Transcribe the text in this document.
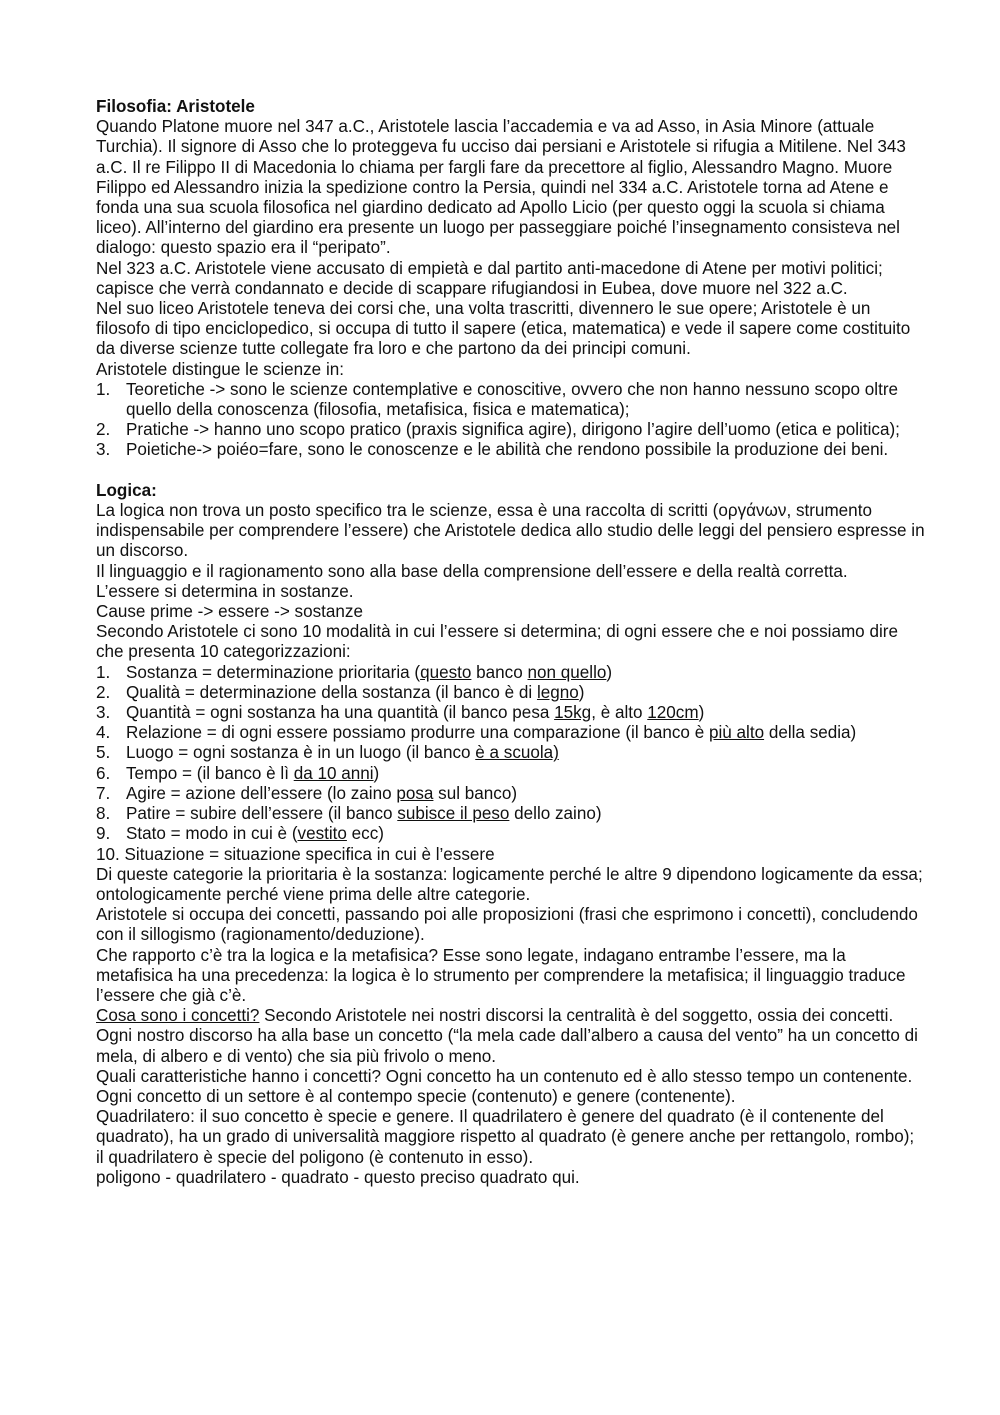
Filosofia: Aristotele

Quando Platone muore nel 347 a.C., Aristotele lascia l’accademia e va ad Asso, in Asia Minore (attuale Turchia). Il signore di Asso che lo proteggeva fu ucciso dai persiani e Aristotele si rifugia a Mitilene. Nel 343 a.C. Il re Filippo II di Macedonia lo chiama per fargli fare da precettore al figlio, Alessandro Magno. Muore Filippo ed Alessandro inizia la spedizione contro la Persia, quindi nel 334 a.C. Aristotele torna ad Atene e fonda una sua scuola filosofica nel giardino dedicato ad Apollo Licio (per questo oggi la scuola si chiama liceo). All’interno del giardino era presente un luogo per passeggiare poiché l’insegnamento consisteva nel dialogo: questo spazio era il “peripato”.

Nel 323 a.C. Aristotele viene accusato di empietà e dal partito anti-macedone di Atene per motivi politici; capisce che verrà condannato e decide di scappare rifugiandosi in Eubea, dove muore nel 322 a.C.

Nel suo liceo Aristotele teneva dei corsi che, una volta trascritti, divennero le sue opere; Aristotele è un filosofo di tipo enciclopedico, si occupa di tutto il sapere (etica, matematica) e vede il sapere come costituito da diverse scienze tutte collegate fra loro e che partono da dei principi comuni.

Aristotele distingue le scienze in:

1. Teoretiche -> sono le scienze contemplative e conoscitive, ovvero che non hanno nessuno scopo oltre quello della conoscenza (filosofia, metafisica, fisica e matematica);
2. Pratiche -> hanno uno scopo pratico (praxis significa agire), dirigono l’agire dell’uomo (etica e politica);
3. Poietiche-> poiéo=fare, sono le conoscenze e le abilità che rendono possibile la produzione dei beni.
Logica:

La logica non trova un posto specifico tra le scienze, essa è una raccolta di scritti (οργάνων, strumento indispensabile per comprendere l’essere) che Aristotele dedica allo studio delle leggi del pensiero espresse in un discorso.

Il linguaggio e il ragionamento sono alla base della comprensione dell’essere e della realtà corretta.

L’essere si determina in sostanze.

Cause prime -> essere -> sostanze

Secondo Aristotele ci sono 10 modalità in cui l’essere si determina; di ogni essere che e noi possiamo dire che presenta 10 categorizzazioni:

1. Sostanza = determinazione prioritaria (questo banco non quello)
2. Qualità = determinazione della sostanza (il banco è di legno)
3. Quantità = ogni sostanza ha una quantità (il banco pesa 15kg, è alto 120cm)
4. Relazione = di ogni essere possiamo produrre una comparazione (il banco è più alto della sedia)
5. Luogo = ogni sostanza è in un luogo (il banco è a scuola)
6. Tempo = (il banco è lì da 10 anni)
7. Agire = azione dell’essere (lo zaino posa sul banco)
8. Patire = subire dell’essere (il banco subisce il peso dello zaino)
9. Stato = modo in cui è (vestito ecc)
10. Situazione = situazione specifica in cui è l’essere

Di queste categorie la prioritaria è la sostanza: logicamente perché le altre 9 dipendono logicamente da essa; ontologicamente perché viene prima delle altre categorie.

Aristotele si occupa dei concetti, passando poi alle proposizioni (frasi che esprimono i concetti), concludendo con il sillogismo (ragionamento/deduzione).

Che rapporto c’è tra la logica e la metafisica? Esse sono legate, indagano entrambe l’essere, ma la metafisica ha una precedenza: la logica è lo strumento per comprendere la metafisica; il linguaggio traduce l’essere che già c’è.

Cosa sono i concetti? Secondo Aristotele nei nostri discorsi la centralità è del soggetto, ossia dei concetti. Ogni nostro discorso ha alla base un concetto (“la mela cade dall’albero a causa del vento” ha un concetto di mela, di albero e di vento) che sia più frivolo o meno.

Quali caratteristiche hanno i concetti? Ogni concetto ha un contenuto ed è allo stesso tempo un contenente. Ogni concetto di un settore è al contempo specie (contenuto) e genere (contenente).

Quadrilatero: il suo concetto è specie e genere. Il quadrilatero è genere del quadrato (è il contenente del quadrato), ha un grado di universalità maggiore rispetto al quadrato (è genere anche per rettangolo, rombo); il quadrilatero è specie del poligono (è contenuto in esso).

poligono - quadrilatero - quadrato - questo preciso quadrato qui.
